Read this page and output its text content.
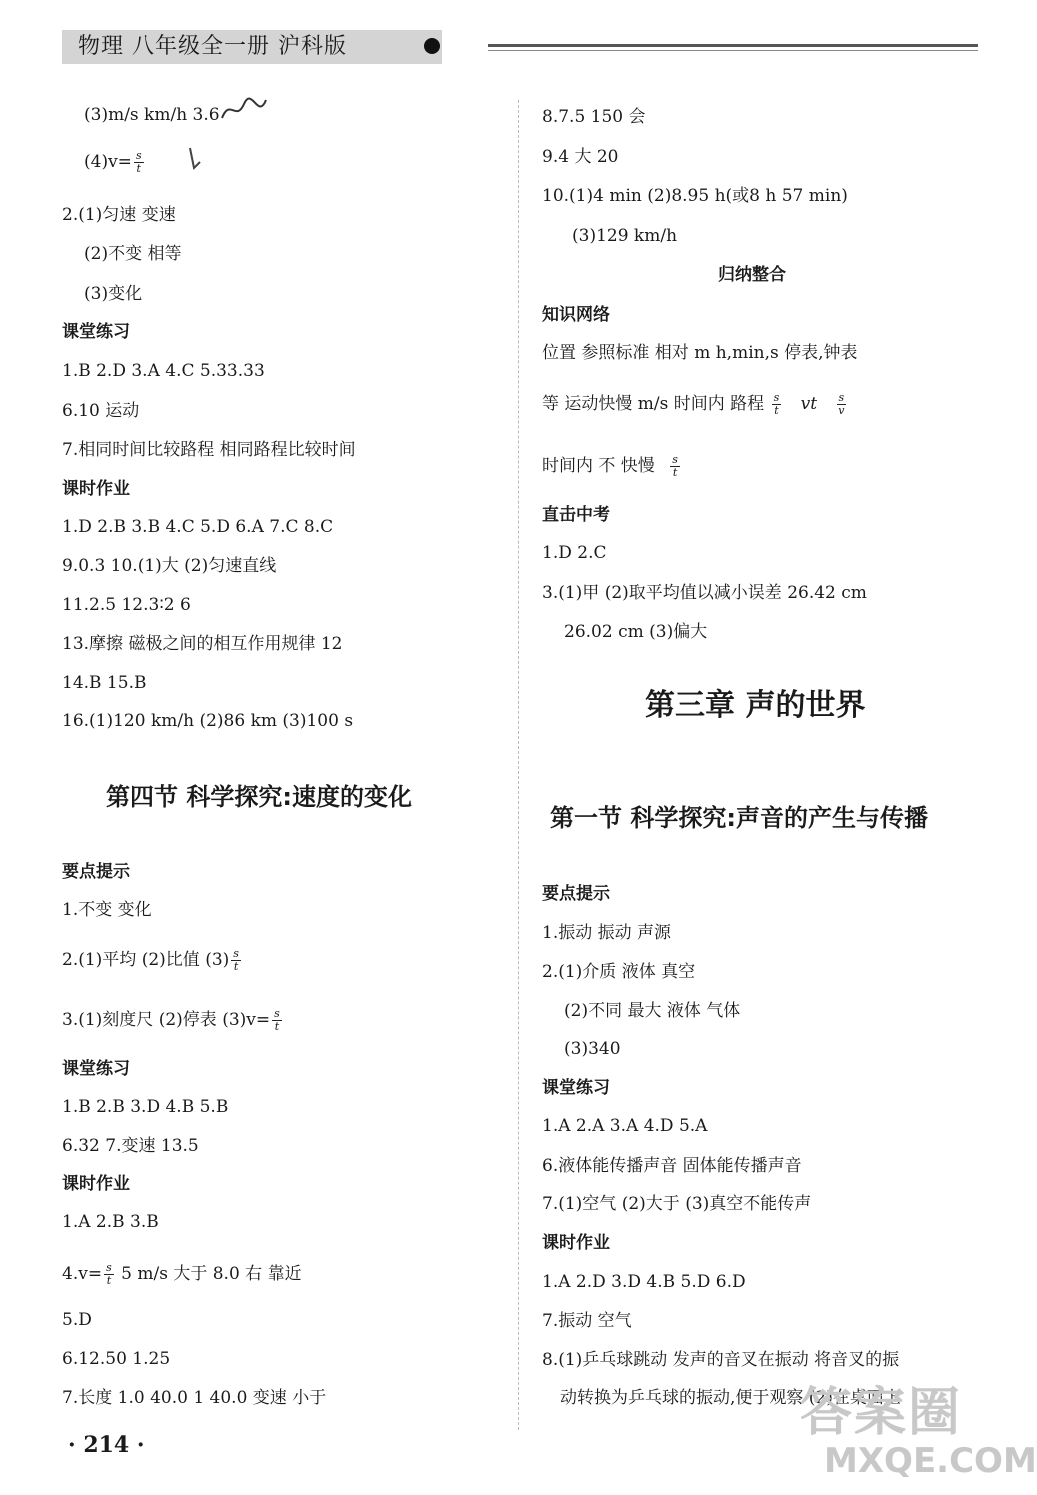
物理 八年级全一册 沪科版
(3)m/s km/h 3.6
$(4)v= \frac{s}{t}$
2.(1)匀速 变速
(2)不变 相等
(3)变化
课堂练习
1.B 2.D 3.A 4.C 5.33.33
6.10 运动
7.相同时间比较路程 相同路程比较时间
课时作业
1.D 2.B 3.B 4.C 5.D 6.A 7.C 8.C
9.0.3 10.(1)大 (2)匀速直线
11.2.5 12.3∶2 6
13.摩擦 磁极之间的相互作用规律 12
14.B 15.B
16.(1)120 km/h (2)86 km (3)100 s
第四节 科学探究:速度的变化
要点提示
1.不变 变化
2.(1)平均 (2)比值 $(3) \frac{s}{t}$
3.(1)刻度尺 (2)停表 $(3)v= \frac{s}{t}$
课堂练习
1.B 2.B 3.D 4.B 5.B
6.32 7.变速 13.5
课时作业
1.A 2.B 3.B
$4.v= \frac{s}{t} 5$ m/s 大于 8.0 右 靠近
5.D
6.12.50 1.25
7.长度 1.0 40.0 1 40.0 变速 小于
· 214 ·
8.7.5 150 会
9.4 大 20
10.(1)4 min (2)8.95 h(或8 h 57 min)
(3)129 km/h
归纳整合
知识网络
位置 参照标准 相对 m h,min,s 停表,钟表
等 运动快慢 m/s 时间内 路程 $\frac{s}{t}$ vt $\frac{s}{v}$
时间内 不 快慢 $\frac{s}{t}$
直击中考
1.D 2.C
3.(1)甲 (2)取平均值以减小误差 26.42 cm
26.02 cm (3)偏大
第三章 声的世界
第一节 科学探究:声音的产生与传播
要点提示
1.振动 振动 声源
2.(1)介质 液体 真空
(2)不同 最大 液体 气体
(3)340
课堂练习
1.A 2.A 3.A 4.D 5.A
6.液体能传播声音 固体能传播声音
7.(1)空气 (2)大于 (3)真空不能传声
课时作业
1.A 2.D 3.D 4.B 5.D 6.D
7.振动 空气
8.(1)乒乓球跳动 发声的音叉在振动 将音叉的振
动转换为乒乓球的振动,便于观察 (2)在桌面上
答案圈
MXQE.COM
